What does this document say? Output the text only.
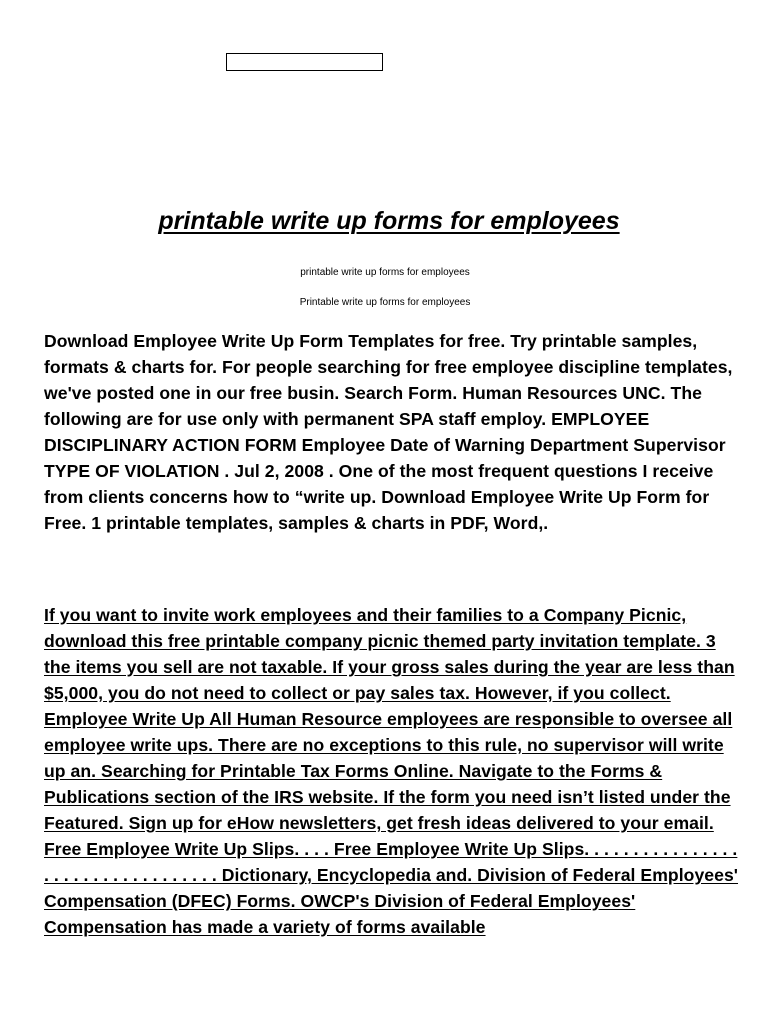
printable write up forms for employees

printable write up forms for employees

Printable write up forms for employees

Download Employee Write Up Form Templates for free. Try printable samples, formats & charts for. For people searching for free employee discipline templates, we've posted one in our free busin. Search Form. Human Resources UNC. The following are for use only with permanent SPA staff employ. EMPLOYEE DISCIPLINARY ACTION FORM Employee Date of Warning Department Supervisor TYPE OF VIOLATION . Jul 2, 2008 . One of the most frequent questions I receive from clients concerns how to “write up. Download Employee Write Up Form for Free. 1 printable templates, samples & charts in PDF, Word,.

If you want to invite work employees and their families to a Company Picnic, download this free printable company picnic themed party invitation template. 3 the items you sell are not taxable. If your gross sales during the year are less than $5,000, you do not need to collect or pay sales tax. However, if you collect. Employee Write Up All Human Resource employees are responsible to oversee all employee write ups. There are no exceptions to this rule, no supervisor will write up an. Searching for Printable Tax Forms Online. Navigate to the Forms & Publications section of the IRS website. If the form you need isn’t listed under the Featured. Sign up for eHow newsletters, get fresh ideas delivered to your email. Free Employee Write Up Slips. . . . Free Employee Write Up Slips. . . . . . . . . . . . . . . . . . . . . . . . . . . . . . . . . . Dictionary, Encyclopedia and. Division of Federal Employees' Compensation (DFEC) Forms. OWCP's Division of Federal Employees' Compensation has made a variety of forms available
